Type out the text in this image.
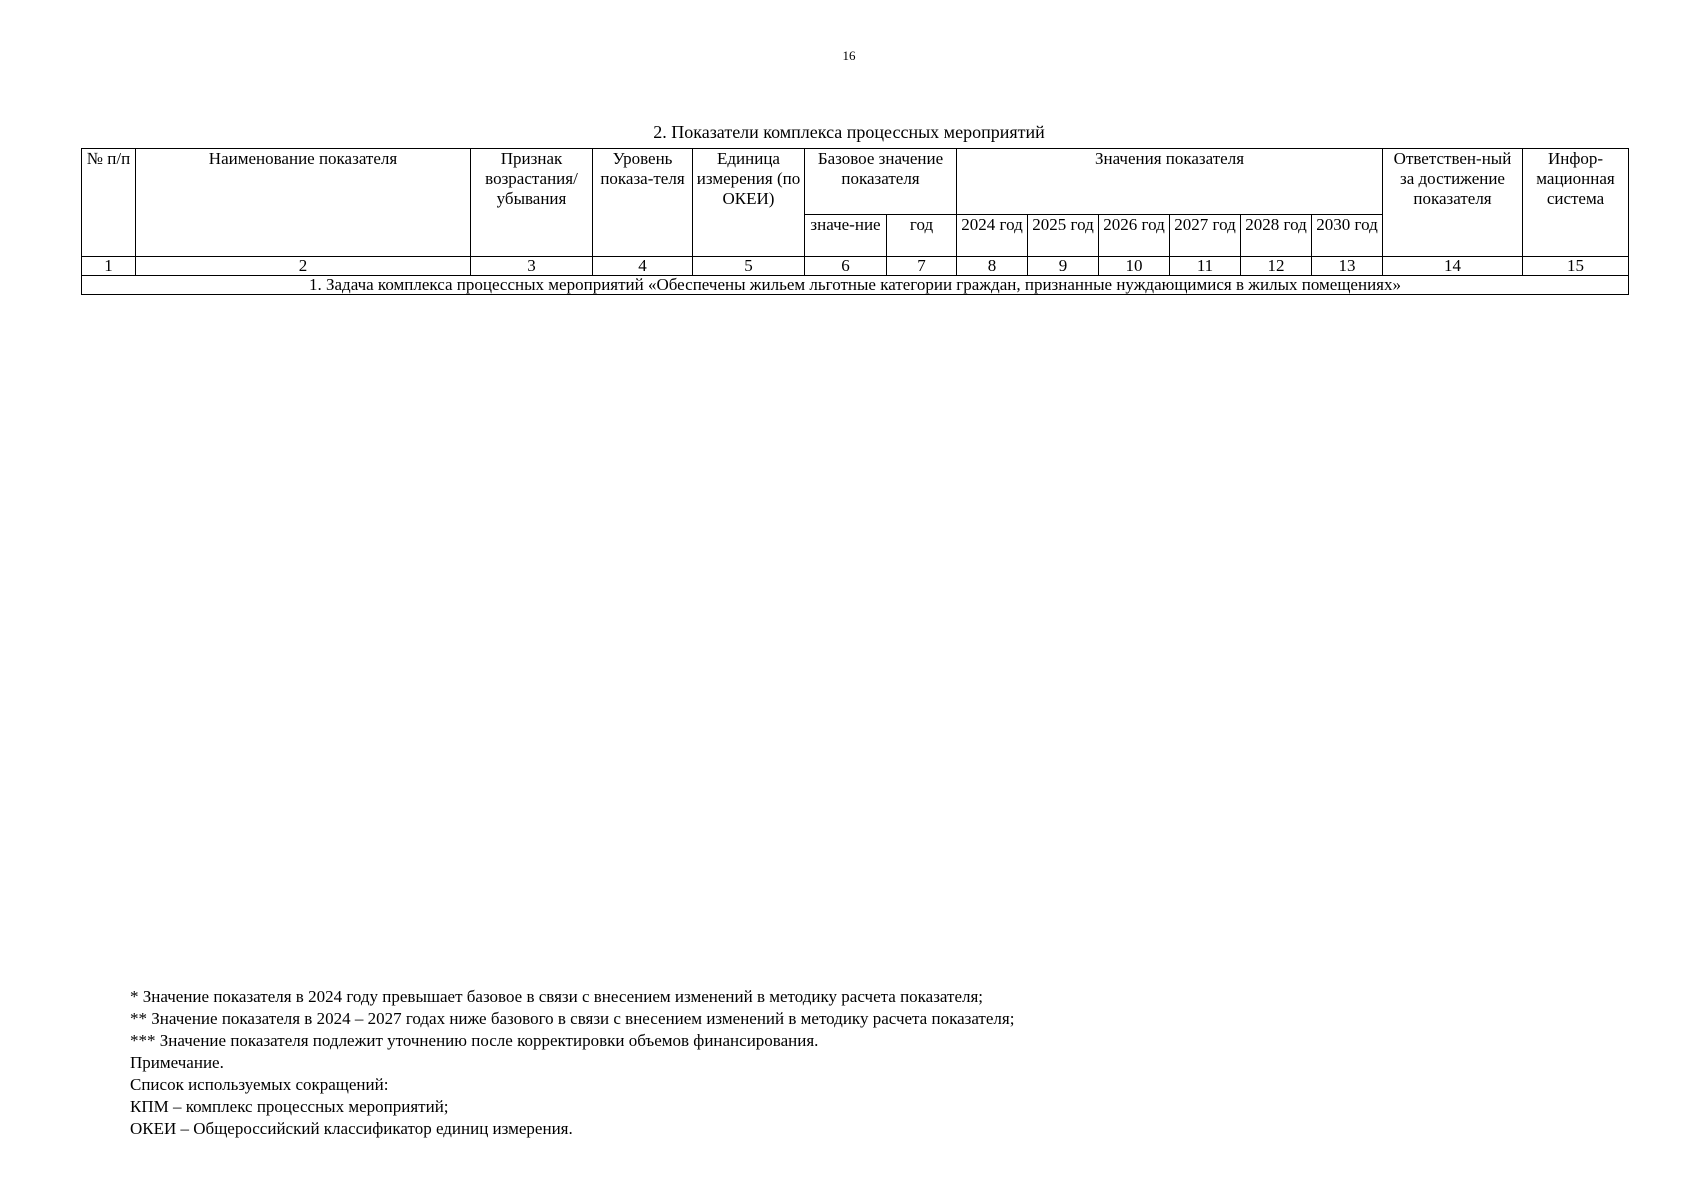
16
2. Показатели комплекса процессных мероприятий
№ п/п	Наименование показателя	Признак возрастания/ убывания	Уровень показа-теля	Единица измерения (по ОКЕИ)	Базовое значение показателя		Значения показателя						Ответствен-ный за достижение показателя	Инфор-мационная система
					значе-ние	год	2024 год	2025 год	2026 год	2027 год	2028 год	2030 год		
1	2	3	4	5	6	7	8	9	10	11	12	13	14	15
1. Задача комплекса процессных мероприятий «Обеспечены жильем льготные категории граждан, признанные нуждающимися в жилых помещениях»														

* Значение показателя в 2024 году превышает базовое в связи с внесением изменений в методику расчета показателя;

** Значение показателя в 2024 – 2027 годах ниже базового в связи с внесением изменений в методику расчета показателя;

*** Значение показателя подлежит уточнению после корректировки объемов финансирования.

Примечание.

Список используемых сокращений:

КПМ – комплекс процессных мероприятий;

ОКЕИ – Общероссийский классификатор единиц измерения.
